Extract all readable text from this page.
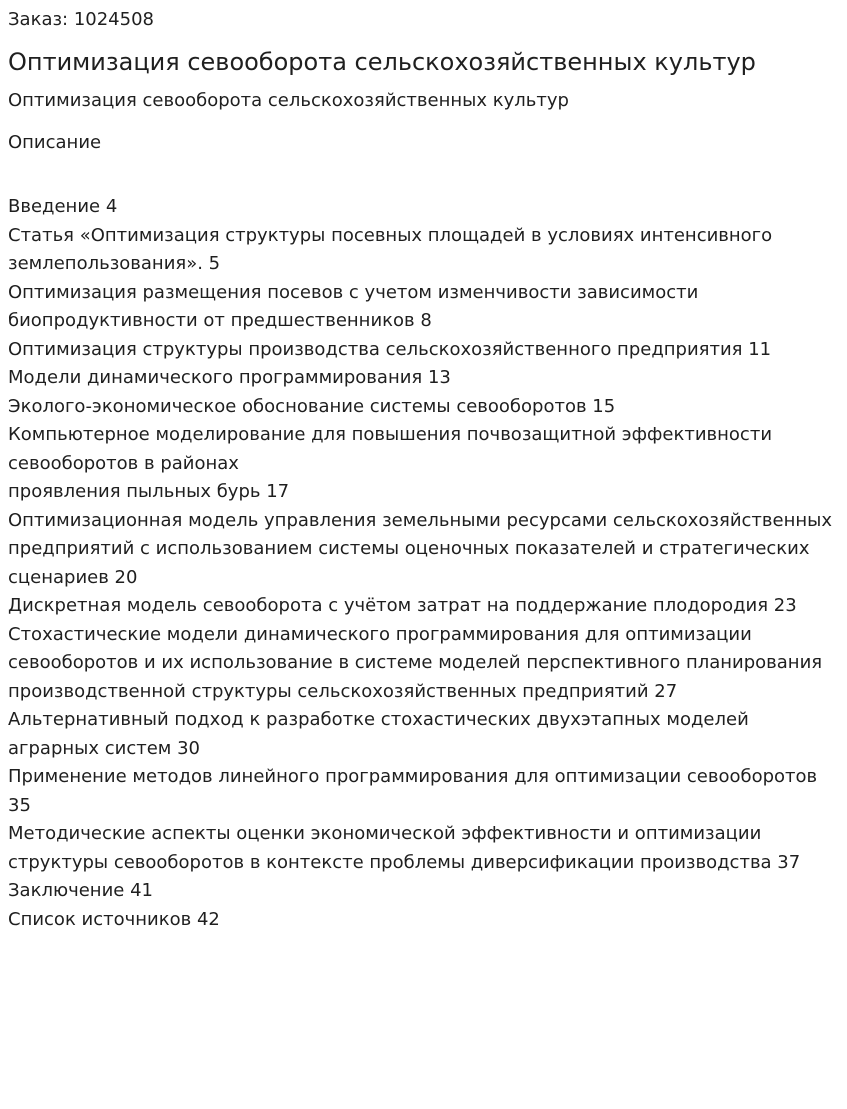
Заказ: 1024508

Оптимизация севооборота сельскохозяйственных культур

Оптимизация севооборота сельскохозяйственных культур

Описание

Введение 4
Статья «Оптимизация структуры посевных площадей в условиях интенсивного землепользования». 5
Оптимизация размещения посевов с учетом изменчивости зависимости биопродуктивности от предшественников 8
Оптимизация структуры производства сельскохозяйственного предприятия 11
Модели динамического программирования 13
Эколого-экономическое обоснование системы севооборотов 15
Компьютерное моделирование для повышения почвозащитной эффективности севооборотов в районах
проявления пыльных бурь 17
Оптимизационная модель управления земельными ресурсами сельскохозяйственных предприятий с использованием системы оценочных показателей и стратегических сценариев 20
Дискретная модель севооборота с учётом затрат на поддержание плодородия 23
Стохастические модели динамического программирования для оптимизации севооборотов и их использование в системе моделей перспективного планирования производственной структуры сельскохозяйственных предприятий 27
Альтернативный подход к разработке стохастических двухэтапных моделей аграрных систем 30
Применение методов линейного программирования для оптимизации севооборотов 35
Методические аспекты оценки экономической эффективности и оптимизации структуры севооборотов в контексте проблемы диверсификации производства 37
Заключение 41
Список источников 42
